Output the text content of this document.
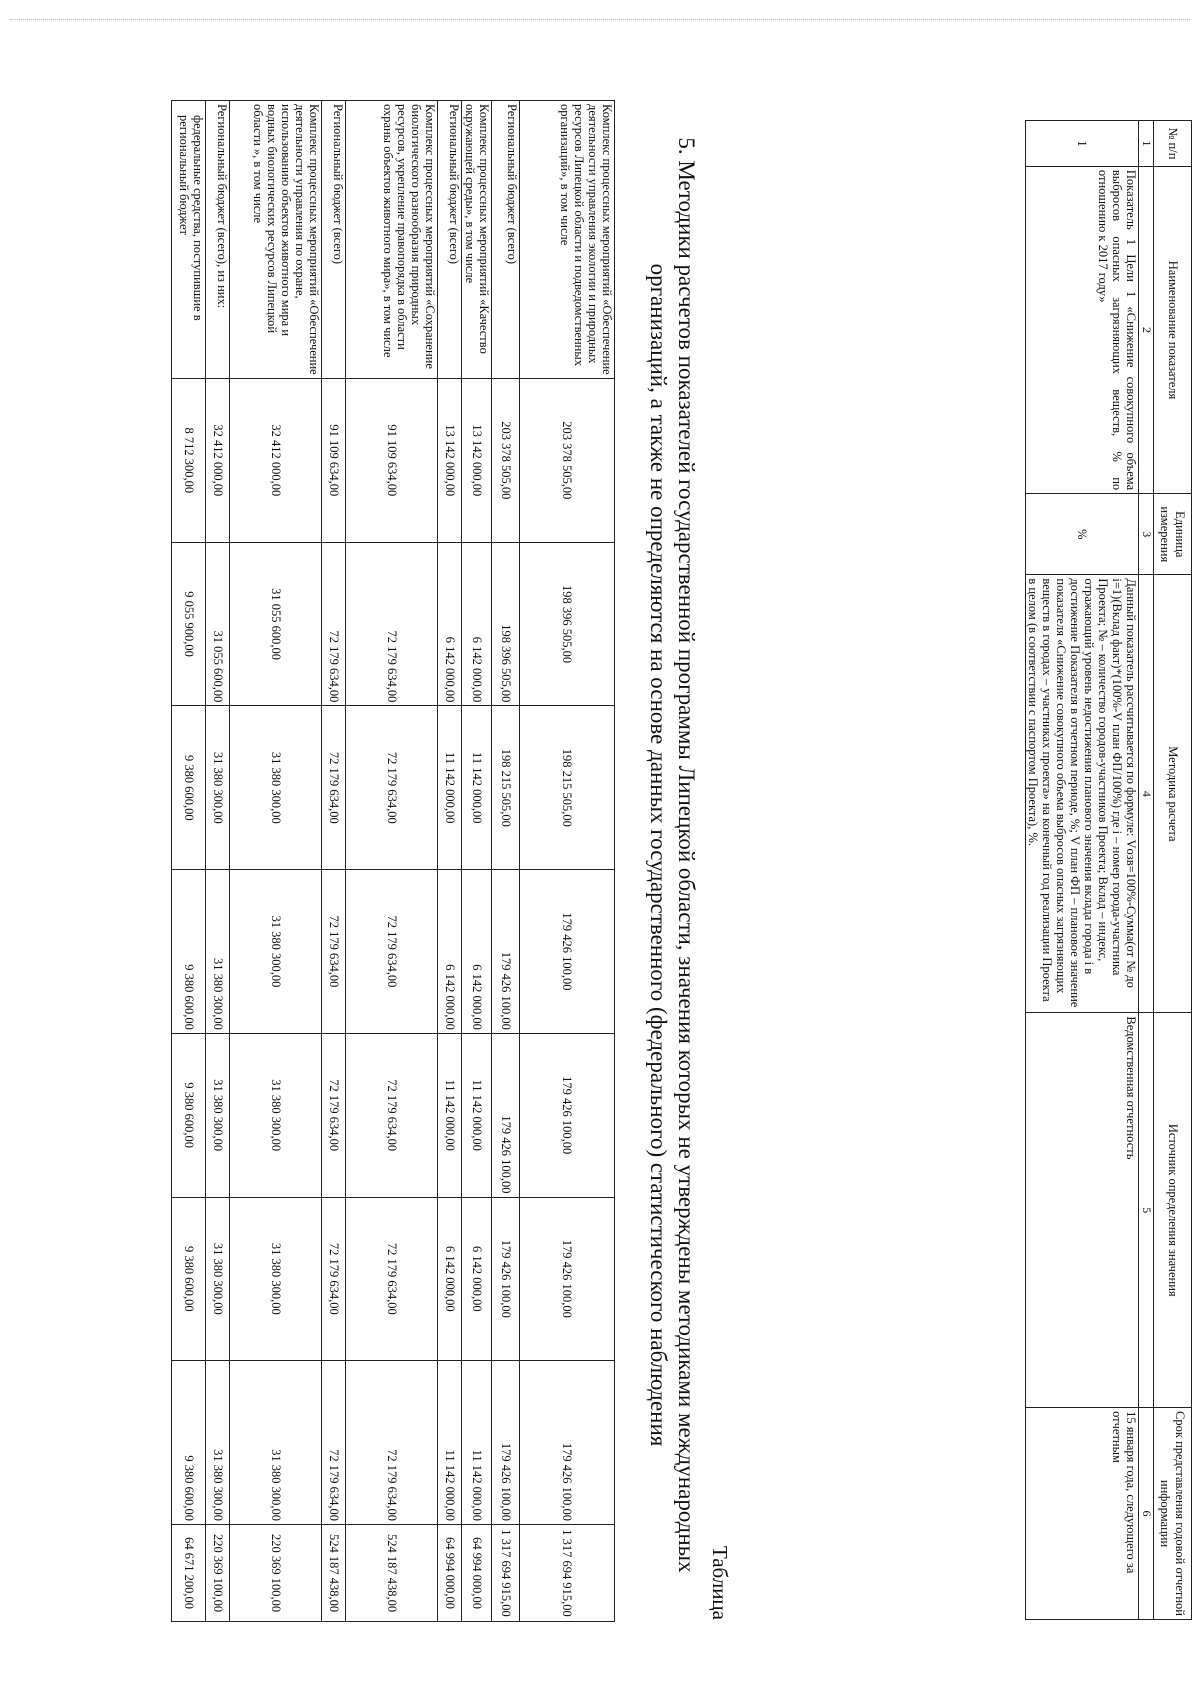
Комплекс процессных мероприятий «Обеспечение деятельности управления экологии и природных ресурсов Липецкой области и подведомственных организаций», в том числе	203 378 505,00	198 396 505,00	198 215 505,00	179 426 100,00	179 426 100,00	179 426 100,00	179 426 100,00	1 317 694 915,00
Региональный бюджет (всего)	203 378 505,00	198 396 505,00	198 215 505,00	179 426 100,00	179 426 100,00	179 426 100,00	179 426 100,00	1 317 694 915,00
Комплекс процессных мероприятий «Качество окружающей среды», в том числе	13 142 000,00	6 142 000,00	11 142 000,00	6 142 000,00	11 142 000,00	6 142 000,00	11 142 000,00	64 994 000,00
Региональный бюджет (всего)	13 142 000,00	6 142 000,00	11 142 000,00	6 142 000,00	11 142 000,00	6 142 000,00	11 142 000,00	64 994 000,00
Комплекс процессных мероприятий «Сохранение биологического разнообразия природных ресурсов, укрепление правопорядка в области охраны объектов животного мира», в том числе	91 109 634,00	72 179 634,00	72 179 634,00	72 179 634,00	72 179 634,00	72 179 634,00	72 179 634,00	524 187 438,00
Региональный бюджет (всего)	91 109 634,00	72 179 634,00	72 179 634,00	72 179 634,00	72 179 634,00	72 179 634,00	72 179 634,00	524 187 438,00
Комплекс процессных мероприятий «Обеспечение деятельности управления по охране, использованию объектов животного мира и водных биологических ресурсов Липецкой области », в том числе	32 412 000,00	31 055 600,00	31 380 300,00	31 380 300,00	31 380 300,00	31 380 300,00	31 380 300,00	220 369 100,00
Региональный бюджет (всего), из них:	32 412 000,00	31 055 600,00	31 380 300,00	31 380 300,00	31 380 300,00	31 380 300,00	31 380 300,00	220 369 100,00
федеральные средства, поступившие в региональный бюджет	8 712 300,00	9 055 900,00	9 380 600,00	9 380 600,00	9 380 600,00	9 380 600,00	9 380 600,00	64 671 200,00
5. Методики расчетов показателей государственной программы Липецкой области, значения которых не утверждены методиками международных организаций, а также не определяются на основе данных государственного (федерального) статистического наблюдения
Таблица
№ п/п	Наименование показателя	Единица измерения	Методика расчета	Источник определения значения	Срок представления годовой отчетной информации
1	2	3	4	5	6
1	Показатель 1 Цели 1 «Снижение совокупного объема выбросов опасных загрязняющих веществ, % по отношению к 2017 году»	%	Данный показатель рассчитывается по формуле: Vозв=100%-Сумма(от № до i=1)(Вклад факт)*(100%-V план ФП/100%) где i – номер города-участника Проекта; № – количество городов-участников Проекта; Вклад – индекс, отражающий уровень недостижения планового значения вклада города i в достижение Показателя в отчетном периоде, %; V план ФП – плановое значение показателя «Снижение совокупного объема выбросов опасных загрязняющих веществ в городах – участниках проекта» на конечный год реализации Проекта в целом (в соответствии с паспортом Проекта), %.	Ведомственная отчетность	15 января года, следующего за отчетным
